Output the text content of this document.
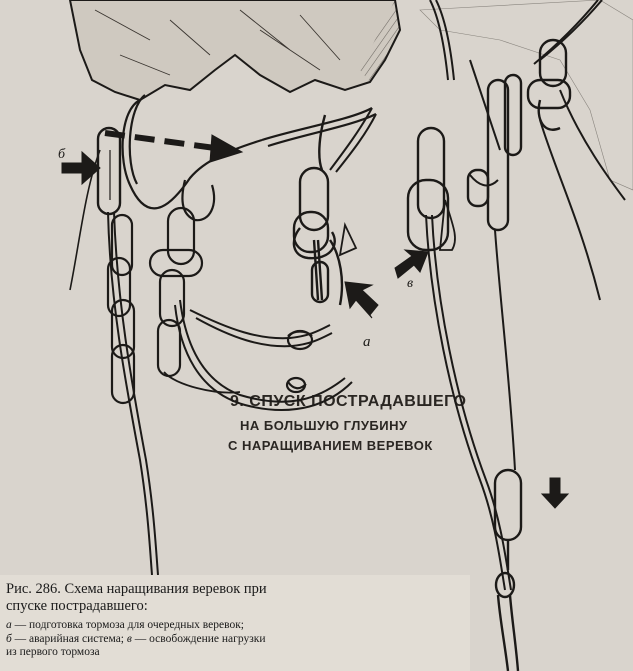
9. СПУСК ПОСТРАДАВШЕГО
НА БОЛЬШУЮ ГЛУБИНУ
С НАРАЩИВАНИЕМ ВЕРЕВОК
б
а
в

Рис. 286. Схема наращивания веревок при

спуске пострадавшего:

а — подготовка тормоза для очередных веревок;
б — аварийная система; в — освобождение нагрузки
из первого тормоза
